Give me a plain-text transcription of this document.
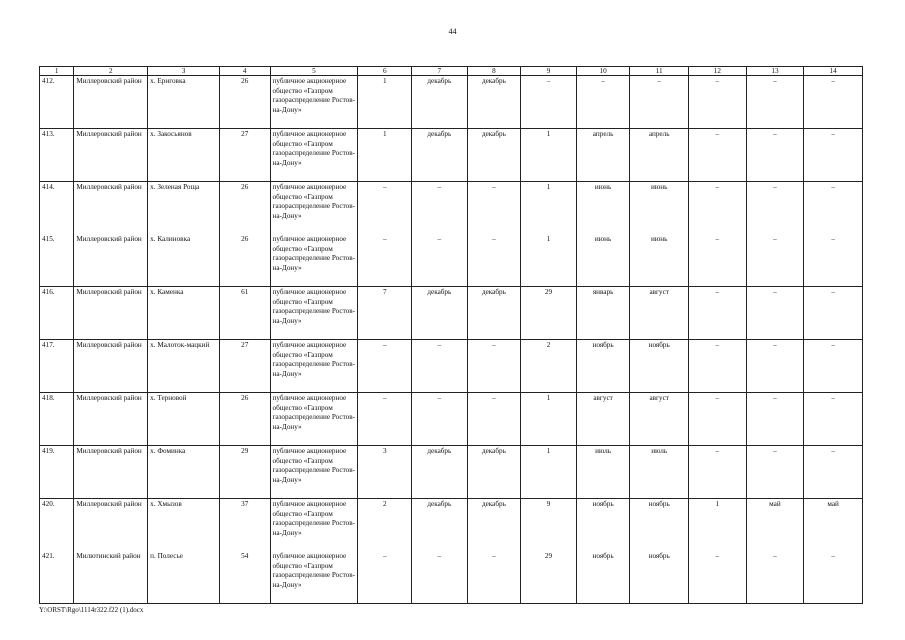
44
1	2	3	4	5	6	7	8	9	10	11	12	13	14
412.	Миллеровский район	х. Ериговка	26	публичное акционерное общество «Газпром газораспределение Ростов-на-Дону»	1	декабрь	декабрь	–	–	–	–	–	–
413.	Миллеровский район	х. Закосьянов	27	публичное акционерное общество «Газпром газораспределение Ростов-на-Дону»	1	декабрь	декабрь	1	апрель	апрель	–	–	–
414.	Миллеровский район	х. Зеленая Роща	26	публичное акционерное общество «Газпром газораспределение Ростов-на-Дону»	–	–	–	1	июнь	июнь	–	–	–
415.	Миллеровский район	х. Калиновка	26	публичное акционерное общество «Газпром газораспределение Ростов-на-Дону»	–	–	–	1	июнь	июнь	–	–	–
416.	Миллеровский район	х. Каменка	61	публичное акционерное общество «Газпром газораспределение Ростов-на-Дону»	7	декабрь	декабрь	29	январь	август	–	–	–
417.	Миллеровский район	х. Малоток-мацкий	27	публичное акционерное общество «Газпром газораспределение Ростов-на-Дону»	–	–	–	2	ноябрь	ноябрь	–	–	–
418.	Миллеровский район	х. Терновой	26	публичное акционерное общество «Газпром газораспределение Ростов-на-Дону»	–	–	–	1	август	август	–	–	–
419.	Миллеровский район	х. Фоминка	29	публичное акционерное общество «Газпром газораспределение Ростов-на-Дону»	3	декабрь	декабрь	1	июль	июль	–	–	–
420.	Миллеровский район	х. Хмызов	37	публичное акционерное общество «Газпром газораспределение Ростов-на-Дону»	2	декабрь	декабрь	9	ноябрь	ноябрь	1	май	май
421.	Милютинский район	п. Полесье	54	публичное акционерное общество «Газпром газораспределение Ростов-на-Дону»	–	–	–	29	ноябрь	ноябрь	–	–	–
Y:\ORST\Rgo\1114r322.f22 (1).docx
